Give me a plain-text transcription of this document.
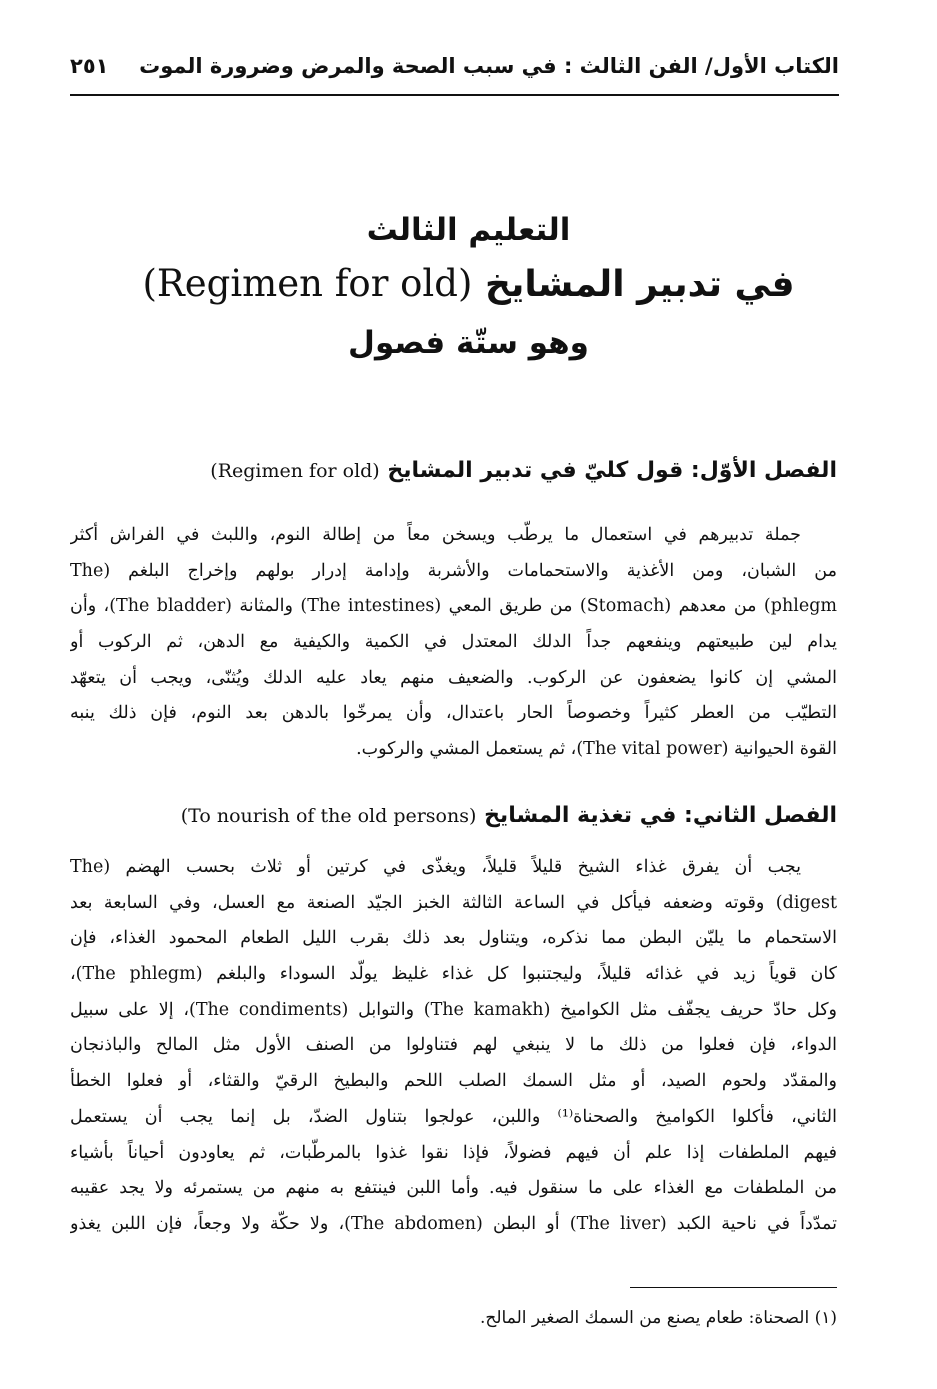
٢٥١ الكتاب الأول/ الفن الثالث : في سبب الصحة والمرض وضرورة الموت
التعليم الثالث
في تدبير المشايخ (Regimen for old)
وهو ستّة فصول
الفصل الأوّل: قول كليّ في تدبير المشايخ (Regimen for old)
جملة تدبيرهم في استعمال ما يرطّب ويسخن معاً من إطالة النوم، واللبث في الفراش أكثر
من الشبان، ومن الأغذية والاستحمامات والأشربة وإدامة إدرار بولهم وإخراج البلغم (The
phlegm) من معدهم (Stomach) من طريق المعي (The intestines) والمثانة (The bladder)، وأن
يدام لين طبيعتهم وينفعهم جداً الدلك المعتدل في الكمية والكيفية مع الدهن، ثم الركوب أو
المشي إن كانوا يضعفون عن الركوب. والضعيف منهم يعاد عليه الدلك ويُثنّى، ويجب أن يتعهّد
التطيّب من العطر كثيراً وخصوصاً الحار باعتدال، وأن يمرخّوا بالدهن بعد النوم، فإن ذلك ينبه
القوة الحيوانية (The vital power)، ثم يستعمل المشي والركوب.
الفصل الثاني: في تغذية المشايخ (To nourish of the old persons)
يجب أن يفرق غذاء الشيخ قليلاً قليلاً، ويغذّى في كرتين أو ثلاث بحسب الهضم (The
digest) وقوته وضعفه فيأكل في الساعة الثالثة الخبز الجيّد الصنعة مع العسل، وفي السابعة بعد
الاستحمام ما يليّن البطن مما نذكره، ويتناول بعد ذلك بقرب الليل الطعام المحمود الغذاء، فإن
كان قوياً زيد في غذائه قليلاً، وليجتنبوا كل غذاء غليظ يولّد السوداء والبلغم (The phlegm)،
وكل حادّ حريف يجفّف مثل الكواميخ (The kamakh) والتوابل (The condiments)، إلا على سبيل
الدواء، فإن فعلوا من ذلك ما لا ينبغي لهم فتناولوا من الصنف الأول مثل المالح والباذنجان
والمقدّد ولحوم الصيد، أو مثل السمك الصلب اللحم والبطيخ الرقيّ والقثاء، أو فعلوا الخطأ
الثاني، فأكلوا الكواميخ والصحناة⁽¹⁾ واللبن، عولجوا بتناول الضدّ، بل إنما يجب أن يستعمل
فيهم الملطفات إذا علم أن فيهم فضولاً، فإذا نقوا غذوا بالمرطّبات، ثم يعاودون أحياناً بأشياء
من الملطفات مع الغذاء على ما سنقول فيه. وأما اللبن فينتفع به منهم من يستمرئه ولا يجد عقيبه
تمدّداً في ناحية الكبد (The liver) أو البطن (The abdomen)، ولا حكّة ولا وجعاً، فإن اللبن يغذو
(١) الصحناة: طعام يصنع من السمك الصغير المالح.
